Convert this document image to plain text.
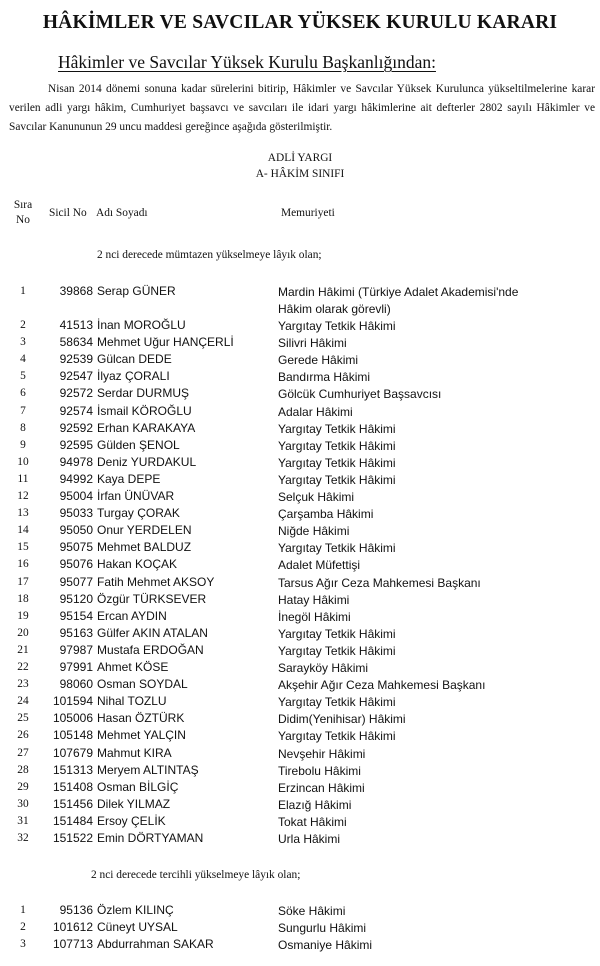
HÂKİMLER VE SAVCILAR YÜKSEK KURULU KARARI
Hâkimler ve Savcılar Yüksek Kurulu Başkanlığından:
Nisan 2014 dönemi sonuna kadar sürelerini bitirip, Hâkimler ve Savcılar Yüksek Kurulunca yükseltilmelerine karar verilen adli yargı hâkim, Cumhuriyet başsavcı ve savcıları ile idari yargı hâkimlerine ait defterler 2802 sayılı Hâkimler ve Savcılar Kanununun 29 uncu maddesi gereğince aşağıda gösterilmiştir.
ADLİ YARGI
A- HÂKİM SINIFI
Sıra
No
Sicil No Adı Soyadı	Memuriyeti
2 nci derecede mümtazen yükselmeye lâyık olan;
1	39868 Serap GÜNER	Mardin Hâkimi (Türkiye Adalet Akademisi'nde
Hâkim olarak görevli)
2	41513 İnan MOROĞLU	Yargıtay Tetkik Hâkimi
3	58634 Mehmet Uğur HANÇERLİ	Silivri Hâkimi
4	92539 Gülcan DEDE	Gerede Hâkimi
5	92547 İlyaz ÇORALI	Bandırma Hâkimi
6	92572 Serdar DURMUŞ	Gölcük Cumhuriyet Başsavcısı
7	92574 İsmail KÖROĞLU	Adalar Hâkimi
8	92592 Erhan KARAKAYA	Yargıtay Tetkik Hâkimi
9	92595 Gülden ŞENOL	Yargıtay Tetkik Hâkimi
10	94978 Deniz YURDAKUL	Yargıtay Tetkik Hâkimi
11	94992 Kaya DEPE	Yargıtay Tetkik Hâkimi
12	95004 İrfan ÜNÜVAR	Selçuk Hâkimi
13	95033 Turgay ÇORAK	Çarşamba Hâkimi
14	95050 Onur YERDELEN	Niğde Hâkimi
15	95075 Mehmet BALDUZ	Yargıtay Tetkik Hâkimi
16	95076 Hakan KOÇAK	Adalet Müfettişi
17	95077 Fatih Mehmet AKSOY	Tarsus Ağır Ceza Mahkemesi Başkanı
18	95120 Özgür TÜRKSEVER	Hatay Hâkimi
19	95154 Ercan AYDIN	İnegöl Hâkimi
20	95163 Gülfer AKIN ATALAN	Yargıtay Tetkik Hâkimi
21	97987 Mustafa ERDOĞAN	Yargıtay Tetkik Hâkimi
22	97991 Ahmet KÖSE	Sarayköy Hâkimi
23	98060 Osman SOYDAL	Akşehir Ağır Ceza Mahkemesi Başkanı
24	101594 Nihal TOZLU	Yargıtay Tetkik Hâkimi
25	105006 Hasan ÖZTÜRK	Didim(Yenihisar) Hâkimi
26	105148 Mehmet YALÇIN	Yargıtay Tetkik Hâkimi
27	107679 Mahmut KIRA	Nevşehir Hâkimi
28	151313 Meryem ALTINTAŞ	Tirebolu Hâkimi
29	151408 Osman BİLGİÇ	Erzincan Hâkimi
30	151456 Dilek YILMAZ	Elazığ Hâkimi
31	151484 Ersoy ÇELİK	Tokat Hâkimi
32	151522 Emin DÖRTYAMAN	Urla Hâkimi
2 nci derecede tercihli yükselmeye lâyık olan;
1	95136 Özlem KILINÇ	Söke Hâkimi
2	101612 Cüneyt UYSAL	Sungurlu Hâkimi
3	107713 Abdurrahman SAKAR	Osmaniye Hâkimi
